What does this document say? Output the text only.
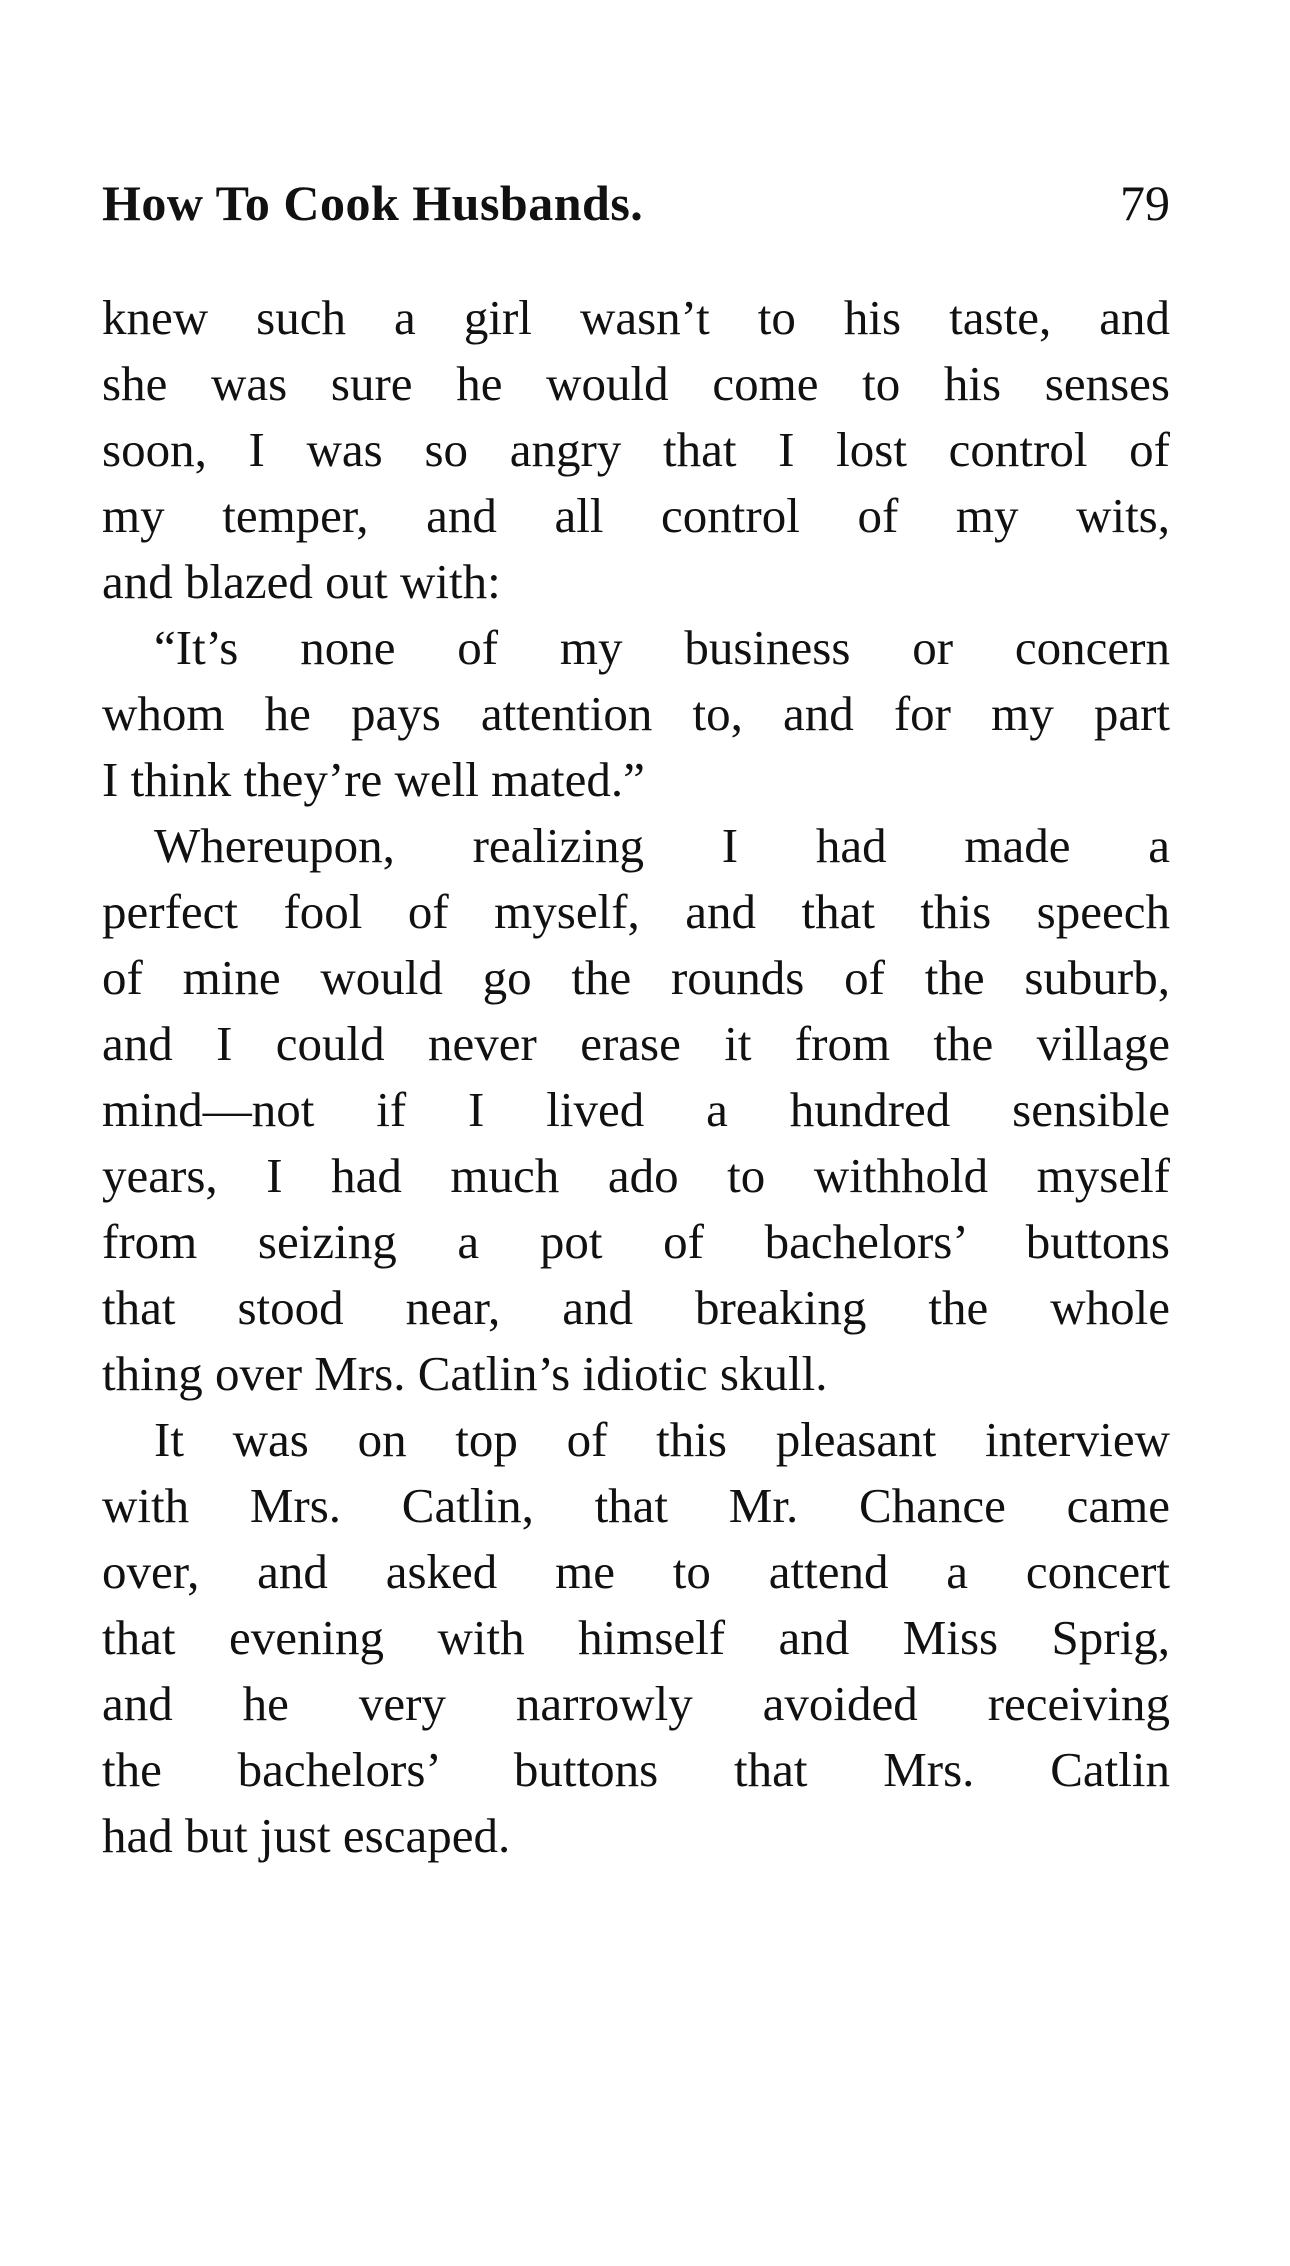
How To Cook Husbands.	79
knew such a girl wasn’t to his taste, and
she was sure he would come to his senses
soon, I was so angry that I lost control of
my temper, and all control of my wits,
and blazed out with:
“It’s none of my business or concern
whom he pays attention to, and for my part
I think they’re well mated.”
Whereupon, realizing I had made a
perfect fool of myself, and that this speech
of mine would go the rounds of the suburb,
and I could never erase it from the village
mind—not if I lived a hundred sensible
years, I had much ado to withhold myself
from seizing a pot of bachelors’ buttons
that stood near, and breaking the whole
thing over Mrs. Catlin’s idiotic skull.
It was on top of this pleasant interview
with Mrs. Catlin, that Mr. Chance came
over, and asked me to attend a concert
that evening with himself and Miss Sprig,
and he very narrowly avoided receiving
the bachelors’ buttons that Mrs. Catlin
had but just escaped.
